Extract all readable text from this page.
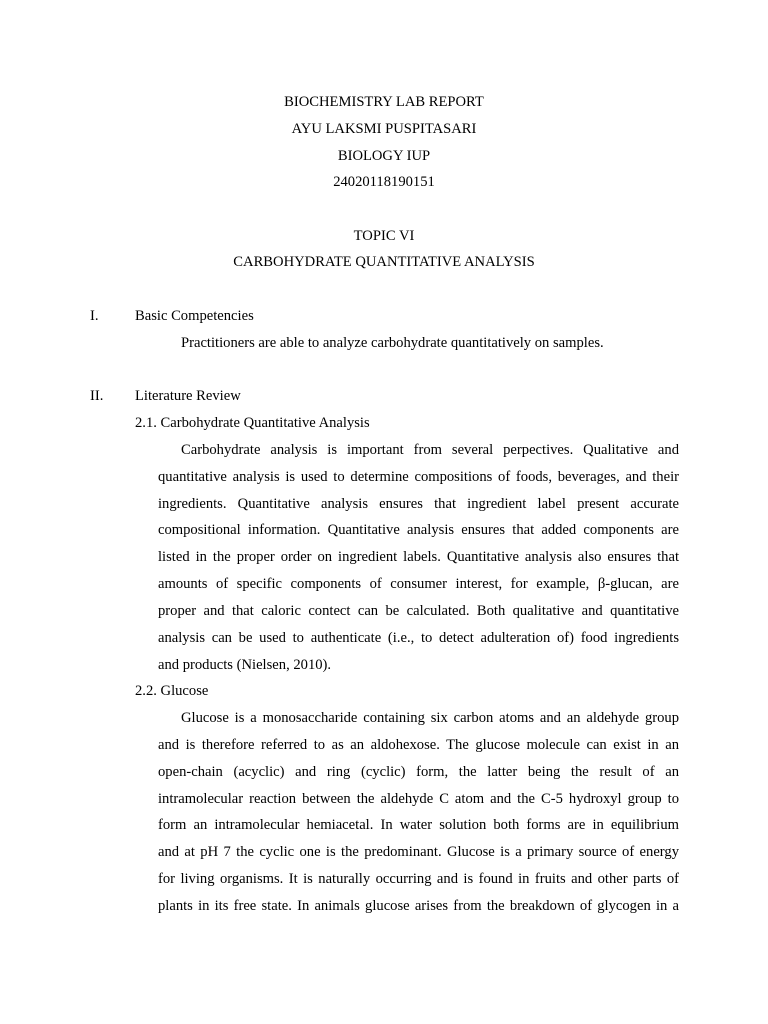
BIOCHEMISTRY LAB REPORT
AYU LAKSMI PUSPITASARI
BIOLOGY IUP
24020118190151
TOPIC VI
CARBOHYDRATE QUANTITATIVE ANALYSIS
I. Basic Competencies
Practitioners are able to analyze carbohydrate quantitatively on samples.
II. Literature Review
2.1. Carbohydrate Quantitative Analysis
Carbohydrate analysis is important from several perpectives. Qualitative and
quantitative analysis is used to determine compositions of foods, beverages, and their
ingredients. Quantitative analysis ensures that ingredient label present accurate
compositional information. Quantitative analysis ensures that added components are
listed in the proper order on ingredient labels. Quantitative analysis also ensures that
amounts of specific components of consumer interest, for example, β-glucan, are
proper and that caloric contect can be calculated. Both qualitative and quantitative
analysis can be used to authenticate (i.e., to detect adulteration of) food ingredients
and products (Nielsen, 2010).
2.2. Glucose
Glucose is a monosaccharide containing six carbon atoms and an aldehyde group
and is therefore referred to as an aldohexose. The glucose molecule can exist in an
open-chain (acyclic) and ring (cyclic) form, the latter being the result of an
intramolecular reaction between the aldehyde C atom and the C-5 hydroxyl group to
form an intramolecular hemiacetal. In water solution both forms are in equilibrium
and at pH 7 the cyclic one is the predominant. Glucose is a primary source of energy
for living organisms. It is naturally occurring and is found in fruits and other parts of
plants in its free state. In animals glucose arises from the breakdown of glycogen in a
